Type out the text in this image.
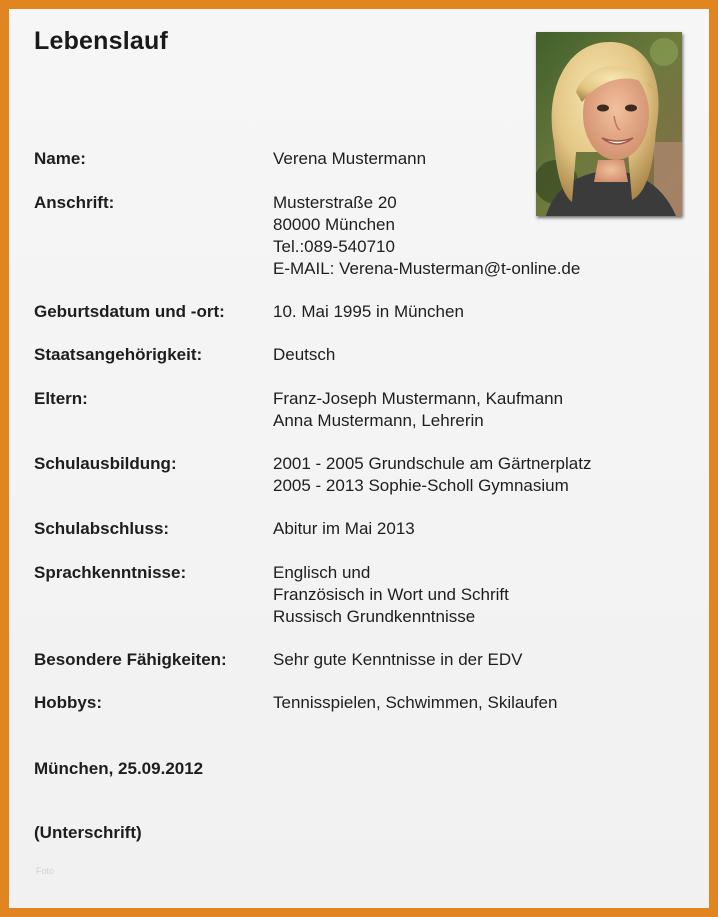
Lebenslauf
Name:	Verena Mustermann
Anschrift:	Musterstraße 20
80000 München
Tel.:089-540710
E-MAIL: Verena-Musterman@t-online.de
Geburtsdatum und -ort:	10. Mai 1995 in München
Staatsangehörigkeit:	Deutsch
Eltern:	Franz-Joseph Mustermann, Kaufmann
Anna Mustermann, Lehrerin
Schulausbildung:	2001 - 2005 Grundschule am Gärtnerplatz
2005 - 2013 Sophie-Scholl Gymnasium
Schulabschluss:	Abitur im Mai 2013
Sprachkenntnisse:	Englisch und
Französisch in Wort und Schrift
Russisch Grundkenntnisse
Besondere Fähigkeiten:	Sehr gute Kenntnisse in der EDV
Hobbys:	Tennisspielen, Schwimmen, Skilaufen
München, 25.09.2012
(Unterschrift)
Foto
